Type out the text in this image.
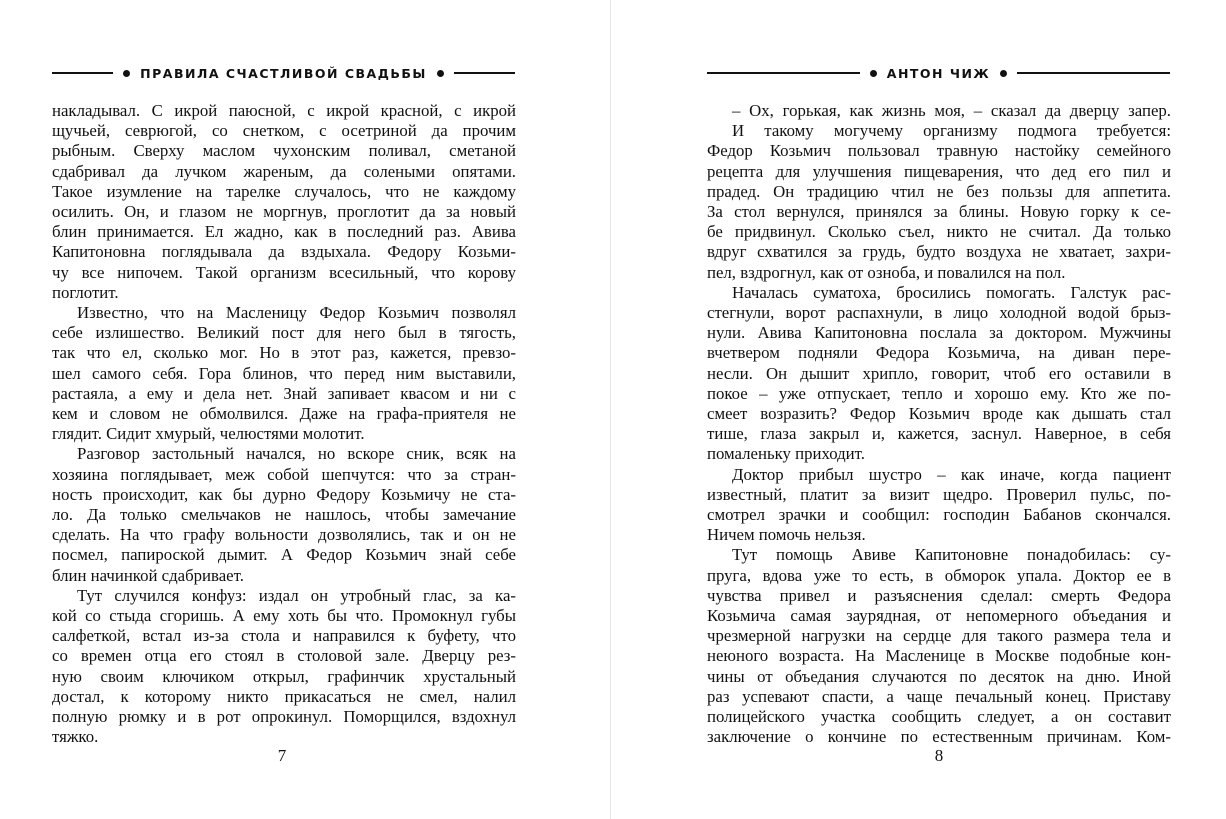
ПРАВИЛА СЧАСТЛИВОЙ СВАДЬБЫ

накладывал. С икрой паюсной, с икрой красной, с икрой

щучьей, севрюгой, со снетком, с осетриной да прочим

рыбным. Сверху маслом чухонским поливал, сметаной

сдабривал да лучком жареным, да солеными опятами.

Такое изумление на тарелке случалось, что не каждому

осилить. Он, и глазом не моргнув, проглотит да за новый

блин принимается. Ел жадно, как в последний раз. Авива

Капитоновна поглядывала да вздыхала. Федору Козьми-

чу все нипочем. Такой организм всесильный, что корову

поглотит.

Известно, что на Масленицу Федор Козьмич позволял

себе излишество. Великий пост для него был в тягость,

так что ел, сколько мог. Но в этот раз, кажется, превзо-

шел самого себя. Гора блинов, что перед ним выставили,

растаяла, а ему и дела нет. Знай запивает квасом и ни с

кем и словом не обмолвился. Даже на графа-приятеля не

глядит. Сидит хмурый, челюстями молотит.

Разговор застольный начался, но вскоре сник, всяк на

хозяина поглядывает, меж собой шепчутся: что за стран-

ность происходит, как бы дурно Федору Козьмичу не ста-

ло. Да только смельчаков не нашлось, чтобы замечание

сделать. На что графу вольности дозволялись, так и он не

посмел, папироской дымит. А Федор Козьмич знай себе

блин начинкой сдабривает.

Тут случился конфуз: издал он утробный глас, за ка-

кой со стыда сгоришь. А ему хоть бы что. Промокнул губы

салфеткой, встал из-за стола и направился к буфету, что

со времен отца его стоял в столовой зале. Дверцу рез-

ную своим ключиком открыл, графинчик хрустальный

достал, к которому никто прикасаться не смел, налил

полную рюмку и в рот опрокинул. Поморщился, вздохнул

тяжко.

7
АНТОН ЧИЖ

– Ох, горькая, как жизнь моя, – сказал да дверцу запер.

И такому могучему организму подмога требуется:

Федор Козьмич пользовал травную настойку семейного

рецепта для улучшения пищеварения, что дед его пил и

прадед. Он традицию чтил не без пользы для аппетита.

За стол вернулся, принялся за блины. Новую горку к се-

бе придвинул. Сколько съел, никто не считал. Да только

вдруг схватился за грудь, будто воздуха не хватает, захри-

пел, вздрогнул, как от озноба, и повалился на пол.

Началась суматоха, бросились помогать. Галстук рас-

стегнули, ворот распахнули, в лицо холодной водой брыз-

нули. Авива Капитоновна послала за доктором. Мужчины

вчетвером подняли Федора Козьмича, на диван пере-

несли. Он дышит хрипло, говорит, чтоб его оставили в

покое – уже отпускает, тепло и хорошо ему. Кто же по-

смеет возразить? Федор Козьмич вроде как дышать стал

тише, глаза закрыл и, кажется, заснул. Наверное, в себя

помаленьку приходит.

Доктор прибыл шустро – как иначе, когда пациент

известный, платит за визит щедро. Проверил пульс, по-

смотрел зрачки и сообщил: господин Бабанов скончался.

Ничем помочь нельзя.

Тут помощь Авиве Капитоновне понадобилась: су-

пруга, вдова уже то есть, в обморок упала. Доктор ее в

чувства привел и разъяснения сделал: смерть Федора

Козьмича самая заурядная, от непомерного объедания и

чрезмерной нагрузки на сердце для такого размера тела и

неюного возраста. На Масленице в Москве подобные кон-

чины от объедания случаются по десяток на дню. Иной

раз успевают спасти, а чаще печальный конец. Приставу

полицейского участка сообщить следует, а он составит

заключение о кончине по естественным причинам. Ком-

8
